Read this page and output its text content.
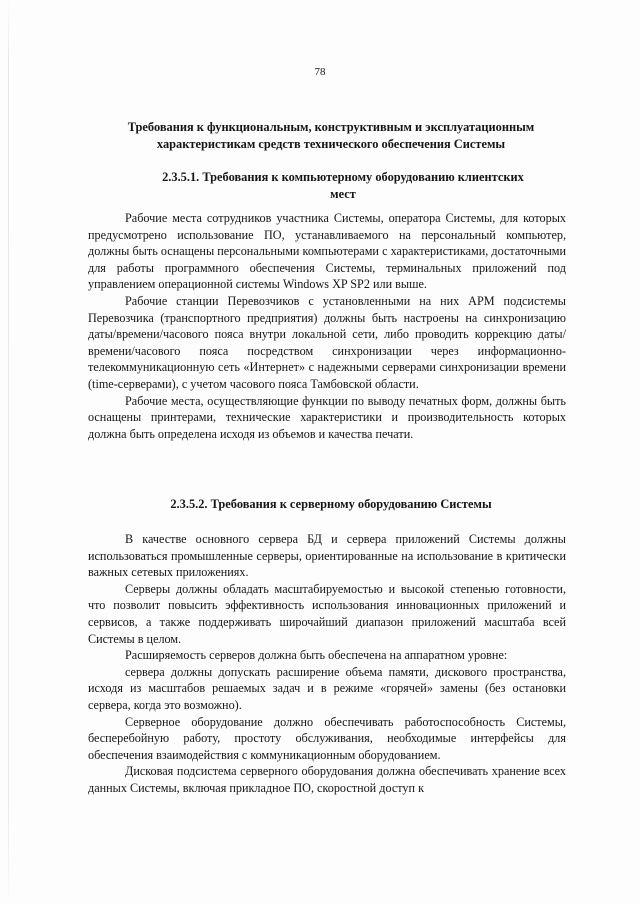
78
Требования к функциональным, конструктивным и эксплуатационным характеристикам средств технического обеспечения Системы
2.3.5.1. Требования к компьютерному оборудованию клиентских мест

Рабочие места сотрудников участника Системы, оператора Системы, для которых предусмотрено использование ПО, устанавливаемого на персональный компьютер, должны быть оснащены персональными компьютерами с характеристиками, достаточными для работы программного обеспечения Системы, терминальных приложений под управлением операционной системы Windows XP SP2 или выше.

Рабочие станции Перевозчиков с установленными на них АРМ подсистемы Перевозчика (транспортного предприятия) должны быть настроены на синхронизацию даты/времени/часового пояса внутри локальной сети, либо проводить коррекцию даты/времени/часового пояса посредством синхронизации через информационно-телекоммуникационную сеть «Интернет» с надежными серверами синхронизации времени (time-серверами), с учетом часового пояса Тамбовской области.

Рабочие места, осуществляющие функции по выводу печатных форм, должны быть оснащены принтерами, технические характеристики и производительность которых должна быть определена исходя из объемов и качества печати.

2.3.5.2. Требования к серверному оборудованию Системы

В качестве основного сервера БД и сервера приложений Системы должны использоваться промышленные серверы, ориентированные на использование в критически важных сетевых приложениях.

Серверы должны обладать масштабируемостью и высокой степенью готовности, что позволит повысить эффективность использования инновационных приложений и сервисов, а также поддерживать широчайший диапазон приложений масштаба всей Системы в целом.

Расширяемость серверов должна быть обеспечена на аппаратном уровне:

сервера должны допускать расширение объема памяти, дискового пространства, исходя из масштабов решаемых задач и в режиме «горячей» замены (без остановки сервера, когда это возможно).

Серверное оборудование должно обеспечивать работоспособность Системы, бесперебойную работу, простоту обслуживания, необходимые интерфейсы для обеспечения взаимодействия с коммуникационным оборудованием.

Дисковая подсистема серверного оборудования должна обеспечивать хранение всех данных Системы, включая прикладное ПО, скоростной доступ к
